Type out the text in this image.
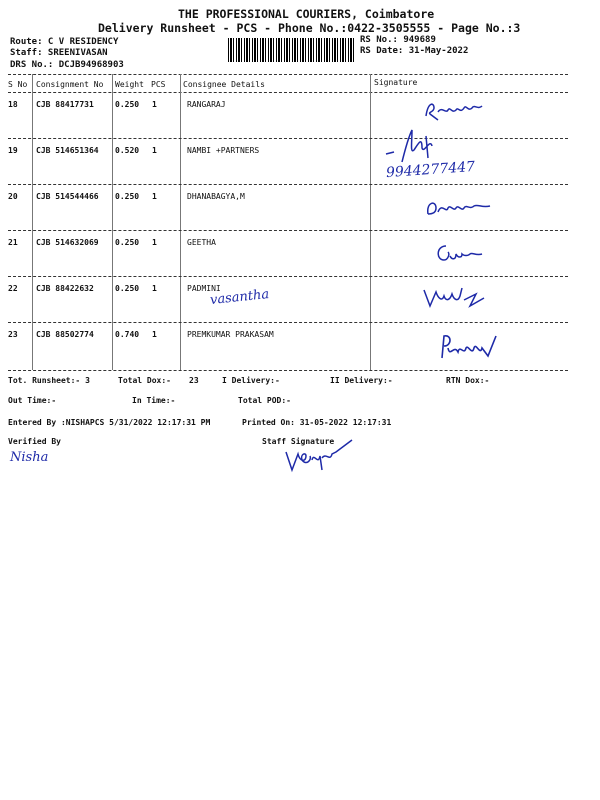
THE PROFESSIONAL COURIERS, Coimbatore
Delivery Runsheet - PCS - Phone No.:0422-3505555 - Page No.:3
Route: C V RESIDENCY
Staff: SREENIVASAN
DRS No.: DCJB94968903
RS No.: 949689
RS Date: 31-May-2022
S No Consignment No Weight PCS Consignee Details	Signature
18 CJB 88417731	0.250 1	RANGARAJ
19 CJB 514651364 0.520 1	NAMBI +PARTNERS
20 CJB 514544466 0.250 1	DHANABAGYA,M
21 CJB 514632069 0.250 1	GEETHA
22 CJB 88422632	0.250 1	PADMINI
23 CJB 88502774	0.740 1	PREMKUMAR PRAKASAM
9944277447
vasantha
Tot. Runsheet:- 3	Total Dox:- 23	I Delivery:-	II Delivery:-	RTN Dox:-
Out Time:-	In Time:-	Total POD:-
Entered By :NISHAPCS 5/31/2022 12:17:31 PM	Printed On: 31-05-2022 12:17:31
Verified By	Staff Signature
Nisha
